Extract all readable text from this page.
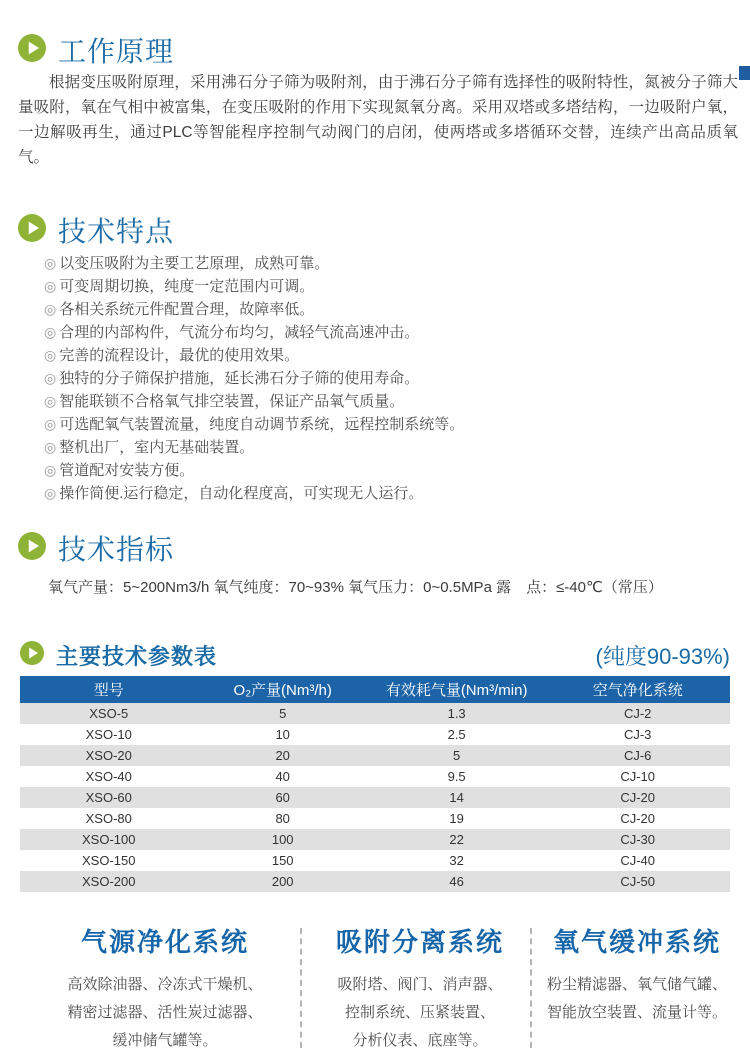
工作原理
根据变压吸附原理，采用沸石分子筛为吸附剂，由于沸石分子筛有选择性的吸附特性，氮被分子筛大量吸附，氧在气相中被富集，在变压吸附的作用下实现氮氧分离。采用双塔或多塔结构，一边吸附户氧，一边解吸再生，通过PLC等智能程序控制气动阀门的启闭，使两塔或多塔循环交替，连续产出高品质氧气。
技术特点
◎ 以变压吸附为主要工艺原理，成熟可靠。
◎ 可变周期切换，纯度一定范围内可调。
◎ 各相关系统元件配置合理，故障率低。
◎ 合理的内部构件，气流分布均匀，减轻气流高速冲击。
◎ 完善的流程设计，最优的使用效果。
◎ 独特的分子筛保护措施，延长沸石分子筛的使用寿命。
◎ 智能联锁不合格氧气排空装置，保证产品氧气质量。
◎ 可选配氧气装置流量，纯度自动调节系统，远程控制系统等。
◎ 整机出厂，室内无基础装置。
◎ 管道配对安装方便。
◎ 操作简便.运行稳定，自动化程度高，可实现无人运行。
技术指标
氧气产量：5~200Nm3/h 氧气纯度：70~93% 氧气压力：0~0.5MPa 露　点：≤-40℃（常压）
主要技术参数表	(纯度90-93%)
型号	O₂产量(Nm³/h)	有效耗气量(Nm³/min)	空气净化系统
XSO-5	5	1.3	CJ-2
XSO-10	10	2.5	CJ-3
XSO-20	20	5	CJ-6
XSO-40	40	9.5	CJ-10
XSO-60	60	14	CJ-20
XSO-80	80	19	CJ-20
XSO-100	100	22	CJ-30
XSO-150	150	32	CJ-40
XSO-200	200	46	CJ-50
气源净化系统
高效除油器、冷冻式干燥机、
精密过滤器、活性炭过滤器、
缓冲储气罐等。
吸附分离系统
吸附塔、阀门、消声器、
控制系统、压紧装置、
分析仪表、底座等。
氧气缓冲系统
粉尘精滤器、氧气储气罐、
智能放空装置、流量计等。
